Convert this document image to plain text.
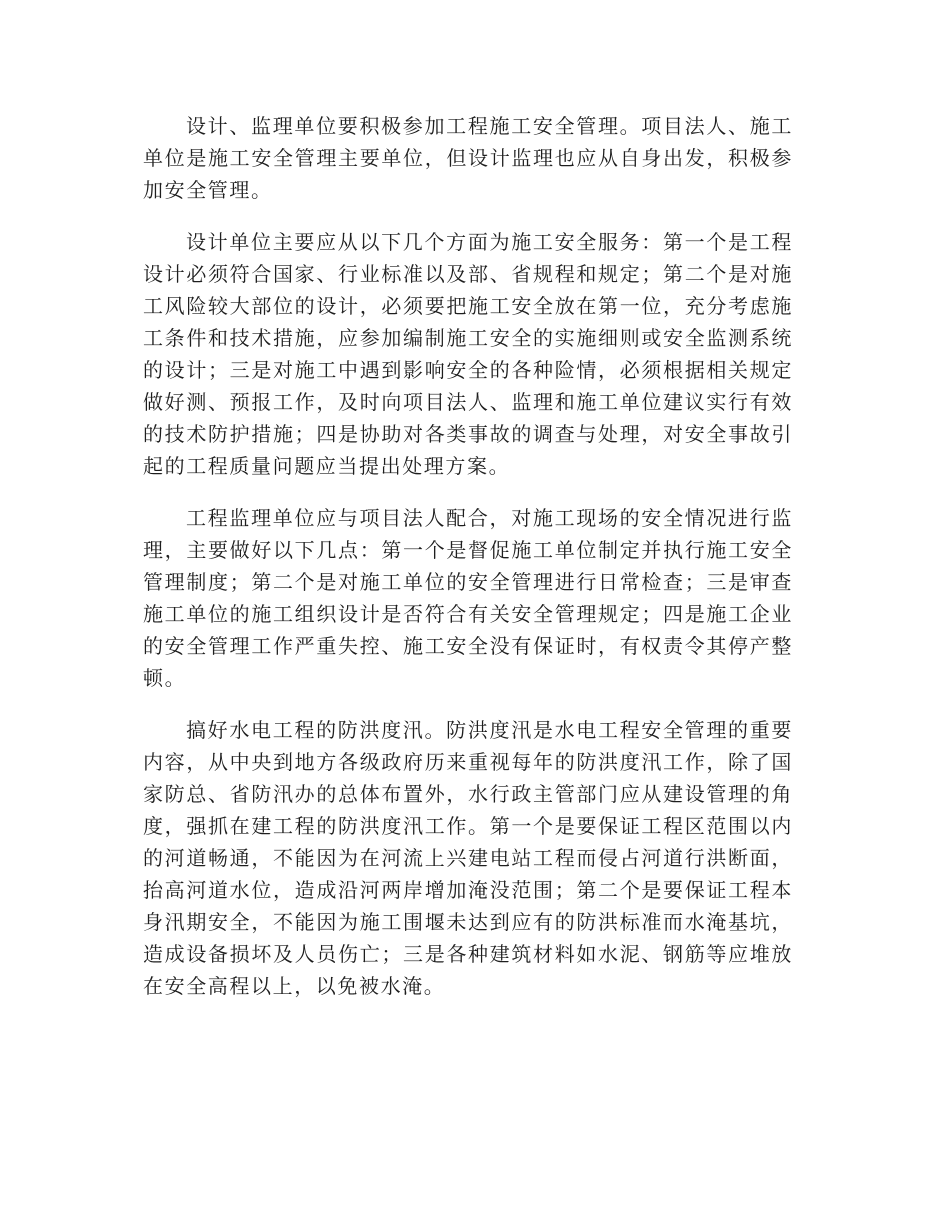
设计、监理单位要积极参加工程施工安全管理。项目法人、施工单位是施工安全管理主要单位，但设计监理也应从自身出发，积极参加安全管理。

设计单位主要应从以下几个方面为施工安全服务：第一个是工程设计必须符合国家、行业标准以及部、省规程和规定；第二个是对施工风险较大部位的设计，必须要把施工安全放在第一位，充分考虑施工条件和技术措施，应参加编制施工安全的实施细则或安全监测系统的设计；三是对施工中遇到影响安全的各种险情，必须根据相关规定做好测、预报工作，及时向项目法人、监理和施工单位建议实行有效的技术防护措施；四是协助对各类事故的调查与处理，对安全事故引起的工程质量问题应当提出处理方案。

工程监理单位应与项目法人配合，对施工现场的安全情况进行监理，主要做好以下几点：第一个是督促施工单位制定并执行施工安全管理制度；第二个是对施工单位的安全管理进行日常检查；三是审查施工单位的施工组织设计是否符合有关安全管理规定；四是施工企业的安全管理工作严重失控、施工安全没有保证时，有权责令其停产整顿。

搞好水电工程的防洪度汛。防洪度汛是水电工程安全管理的重要内容，从中央到地方各级政府历来重视每年的防洪度汛工作，除了国家防总、省防汛办的总体布置外，水行政主管部门应从建设管理的角度，强抓在建工程的防洪度汛工作。第一个是要保证工程区范围以内的河道畅通，不能因为在河流上兴建电站工程而侵占河道行洪断面，抬高河道水位，造成沿河两岸增加淹没范围；第二个是要保证工程本身汛期安全，不能因为施工围堰未达到应有的防洪标准而水淹基坑，造成设备损坏及人员伤亡；三是各种建筑材料如水泥、钢筋等应堆放在安全高程以上，以免被水淹。
